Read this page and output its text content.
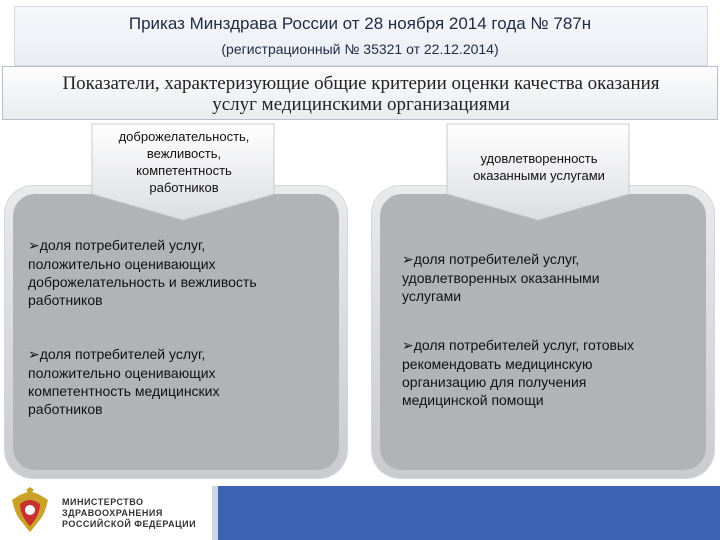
Приказ Минздрава России от 28 ноября 2014 года № 787н
(регистрационный № 35321 от 22.12.2014)
Показатели, характеризующие общие критерии оценки качества оказания
услуг медицинскими организациями
доброжелательность,
вежливость,
компетентность
работников
➢доля потребителей услуг,
положительно оценивающих
доброжелательность и вежливость
работников
➢доля потребителей услуг,
положительно оценивающих
компетентность медицинских
работников
удовлетворенность
оказанными услугами
➢доля потребителей услуг,
удовлетворенных оказанными
услугами
➢доля потребителей услуг, готовых
рекомендовать медицинскую
организацию для получения
медицинской помощи
МИНИСТЕРСТВО
ЗДРАВООХРАНЕНИЯ
РОССИЙСКОЙ ФЕДЕРАЦИИ
